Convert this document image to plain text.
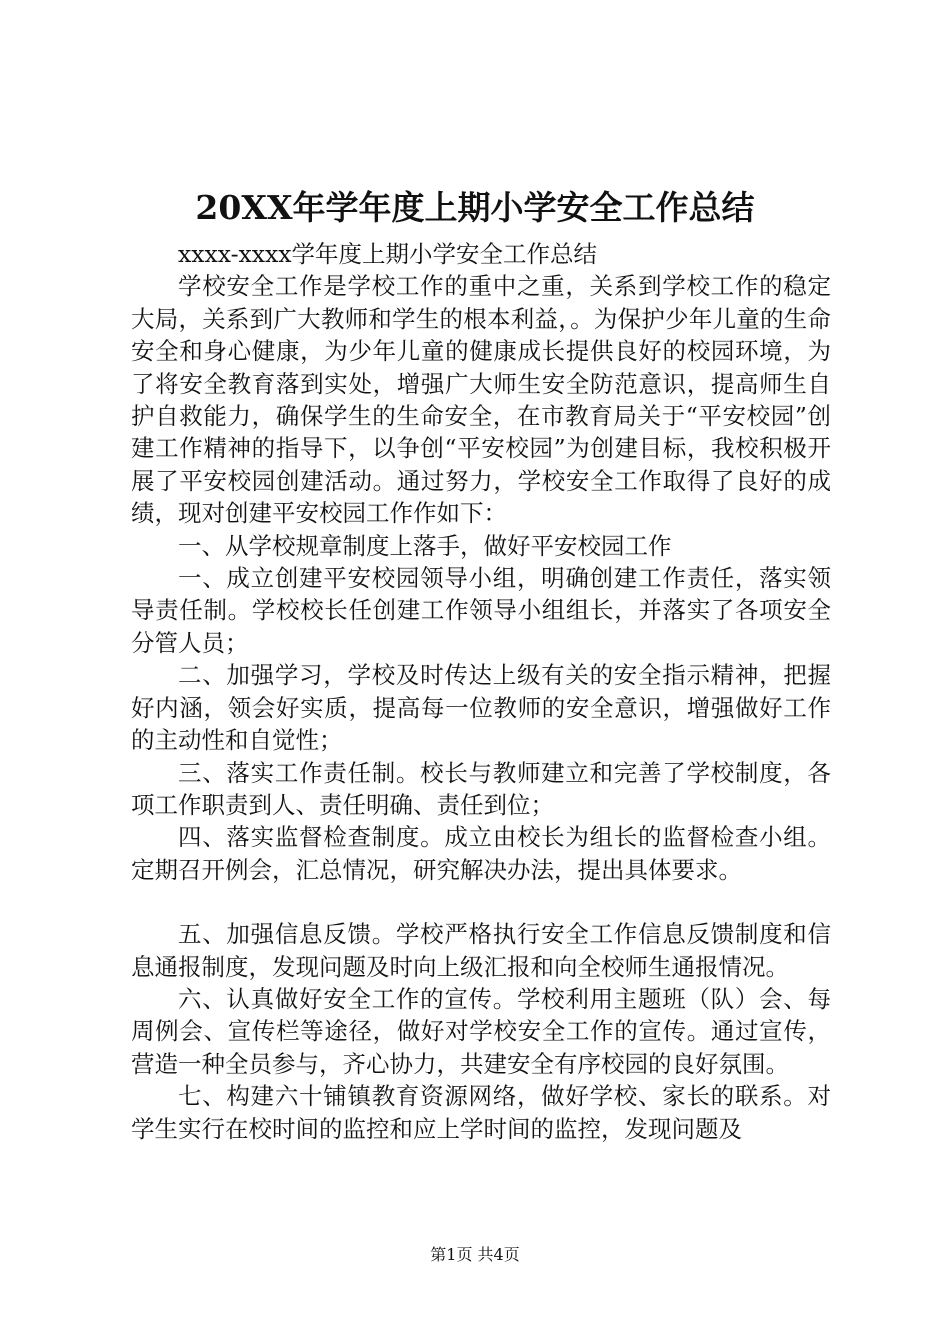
20XX年学年度上期小学安全工作总结

xxxx-xxxx学年度上期小学安全工作总结

学校安全工作是学校工作的重中之重，关系到学校工作的稳定大局，关系到广大教师和学生的根本利益，。为保护少年儿童的生命安全和身心健康，为少年儿童的健康成长提供良好的校园环境，为了将安全教育落到实处，增强广大师生安全防范意识，提高师生自护自救能力，确保学生的生命安全，在市教育局关于“平安校园”创建工作精神的指导下，以争创“平安校园”为创建目标，我校积极开展了平安校园创建活动。通过努力，学校安全工作取得了良好的成绩，现对创建平安校园工作作如下：

一、从学校规章制度上落手，做好平安校园工作

一、成立创建平安校园领导小组，明确创建工作责任，落实领导责任制。学校校长任创建工作领导小组组长，并落实了各项安全分管人员；

二、加强学习，学校及时传达上级有关的安全指示精神，把握好内涵，领会好实质，提高每一位教师的安全意识，增强做好工作的主动性和自觉性；

三、落实工作责任制。校长与教师建立和完善了学校制度，各项工作职责到人、责任明确、责任到位；

四、落实监督检查制度。成立由校长为组长的监督检查小组。定期召开例会，汇总情况，研究解决办法，提出具体要求。

五、加强信息反馈。学校严格执行安全工作信息反馈制度和信息通报制度，发现问题及时向上级汇报和向全校师生通报情况。

六、认真做好安全工作的宣传。学校利用主题班（队）会、每周例会、宣传栏等途径，做好对学校安全工作的宣传。通过宣传，营造一种全员参与，齐心协力，共建安全有序校园的良好氛围。

七、构建六十铺镇教育资源网络，做好学校、家长的联系。对学生实行在校时间的监控和应上学时间的监控，发现问题及

第1页 共4页
